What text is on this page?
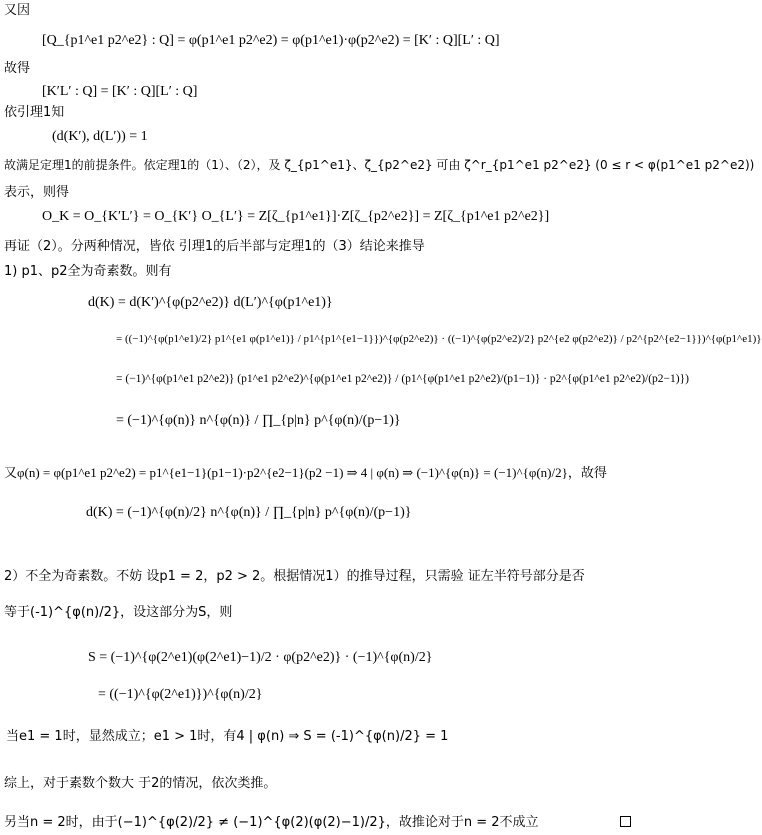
又因
[Q_{p1^e1 p2^e2} : Q] = φ(p1^e1 p2^e2) = φ(p1^e1)·φ(p2^e2) = [K′ : Q][L′ : Q]
故得
[K′L′ : Q] = [K′ : Q][L′ : Q]
依引理1知
(d(K′), d(L′)) = 1
故满足定理1的前提条件。依定理1的（1）、（2），及 ζ_{p1^e1}、ζ_{p2^e2} 可由 ζ^r_{p1^e1 p2^e2} (0 ≤ r < φ(p1^e1 p2^e2))
表示，则得
O_K = O_{K′L′} = O_{K′} O_{L′} = Z[ζ_{p1^e1}]·Z[ζ_{p2^e2}] = Z[ζ_{p1^e1 p2^e2}]
再证（2）。分两种情况，皆依 引理1的后半部与定理1的（3）结论来推导
1) p1、p2全为奇素数。则有
d(K) = d(K′)^{φ(p2^e2)} d(L′)^{φ(p1^e1)}
= ((−1)^{φ(p1^e1)/2} p1^{e1 φ(p1^e1)} / p1^{p1^{e1−1}})^{φ(p2^e2)} · ((−1)^{φ(p2^e2)/2} p2^{e2 φ(p2^e2)} / p2^{p2^{e2−1}})^{φ(p1^e1)}
= (−1)^{φ(p1^e1 p2^e2)} (p1^e1 p2^e2)^{φ(p1^e1 p2^e2)} / (p1^{φ(p1^e1 p2^e2)/(p1−1)} · p2^{φ(p1^e1 p2^e2)/(p2−1)})
= (−1)^{φ(n)} n^{φ(n)} / ∏_{p|n} p^{φ(n)/(p−1)}
又φ(n) = φ(p1^e1 p2^e2) = p1^{e1−1}(p1−1)·p2^{e2−1}(p2 −1) ⇒ 4 | φ(n) ⇒ (−1)^{φ(n)} = (−1)^{φ(n)/2}，故得
d(K) = (−1)^{φ(n)/2} n^{φ(n)} / ∏_{p|n} p^{φ(n)/(p−1)}
2）不全为奇素数。不妨 设p1 = 2，p2 > 2。根据情况1）的推导过程，只需验 证左半符号部分是否
等于(-1)^{φ(n)/2}，设这部分为S，则
S = (−1)^{φ(2^e1)(φ(2^e1)−1)/2 · φ(p2^e2)} · (−1)^{φ(n)/2}
= ((−1)^{φ(2^e1)})^{φ(n)/2}
当e1 = 1时，显然成立；e1 > 1时，有4 | φ(n) ⇒ S = (-1)^{φ(n)/2} = 1
综上，对于素数个数大 于2的情况，依次类推。
另当n = 2时，由于(−1)^{φ(2)/2} ≠ (−1)^{φ(2)(φ(2)−1)/2}，故推论对于n = 2不成立
